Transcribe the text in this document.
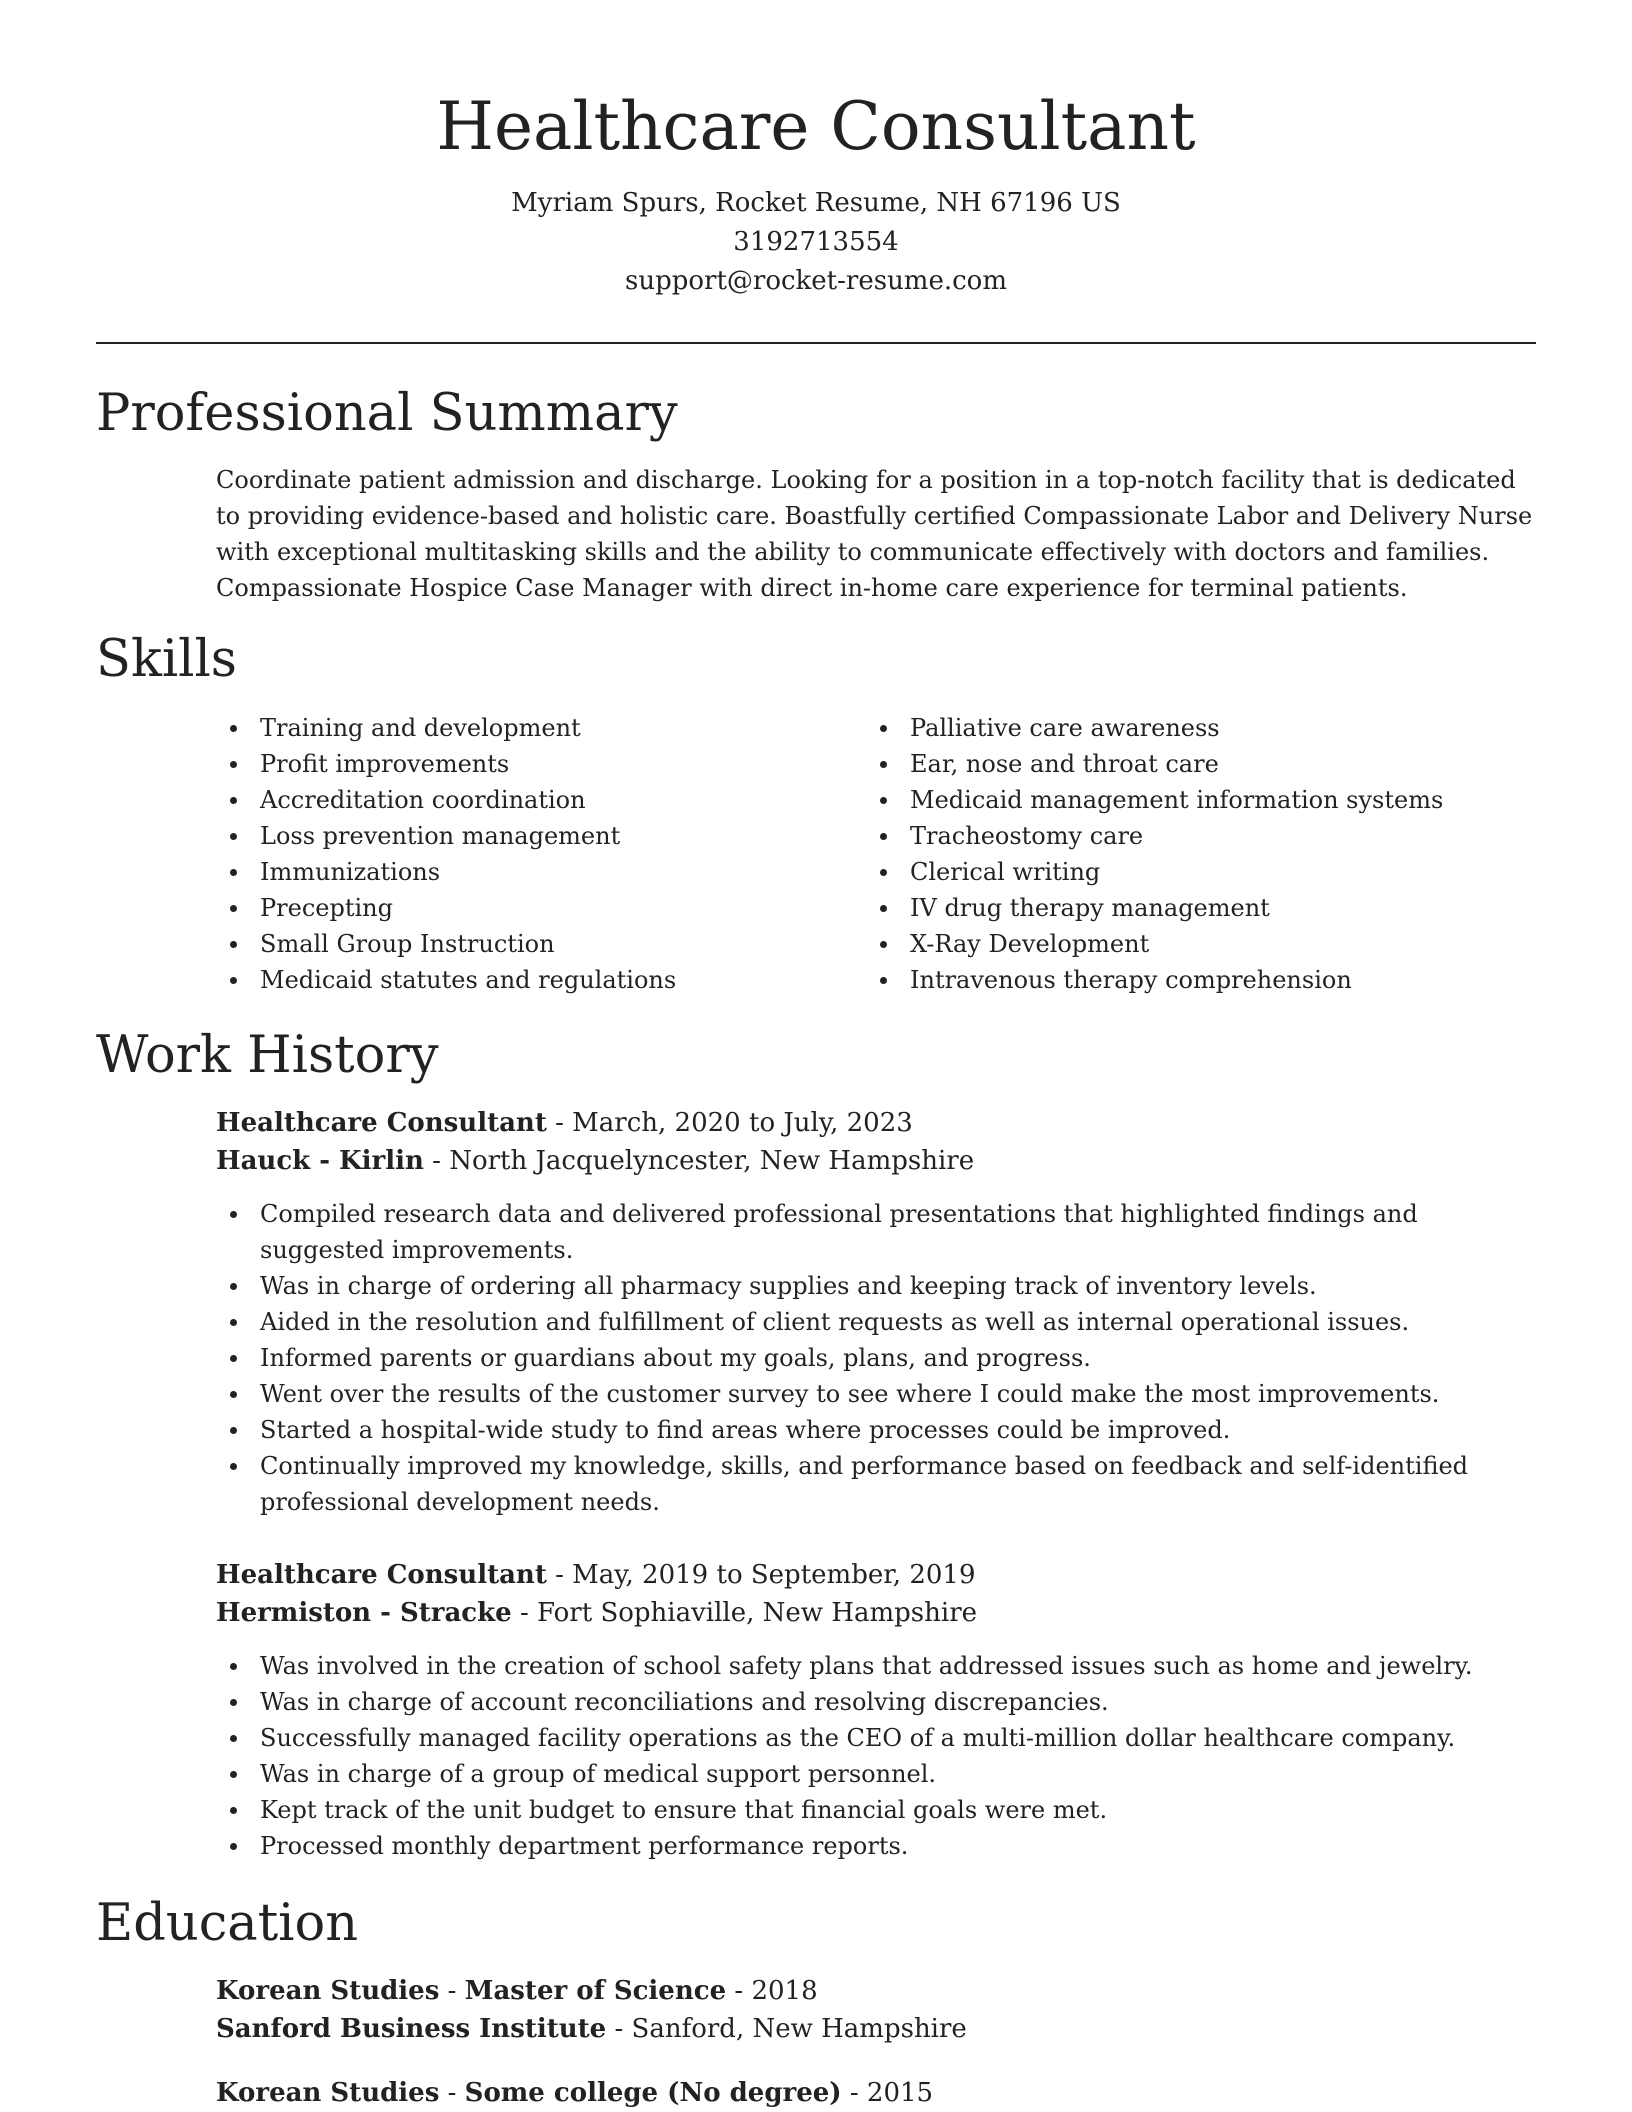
Healthcare Consultant
Myriam Spurs, Rocket Resume, NH 67196 US
3192713554
support@rocket-resume.com
Professional Summary

Coordinate patient admission and discharge. Looking for a position in a top-notch facility that is dedicated to providing evidence-based and holistic care. Boastfully certified Compassionate Labor and Delivery Nurse with exceptional multitasking skills and the ability to communicate effectively with doctors and families. Compassionate Hospice Case Manager with direct in-home care experience for terminal patients.

Skills
Training and development
Profit improvements
Accreditation coordination
Loss prevention management
Immunizations
Precepting
Small Group Instruction
Medicaid statutes and regulations
Palliative care awareness
Ear, nose and throat care
Medicaid management information systems
Tracheostomy care
Clerical writing
IV drug therapy management
X-Ray Development
Intravenous therapy comprehension
Work History
Healthcare Consultant - March, 2020 to July, 2023
Hauck - Kirlin - North Jacquelyncester, New Hampshire
Compiled research data and delivered professional presentations that highlighted findings and suggested improvements.
Was in charge of ordering all pharmacy supplies and keeping track of inventory levels.
Aided in the resolution and fulfillment of client requests as well as internal operational issues.
Informed parents or guardians about my goals, plans, and progress.
Went over the results of the customer survey to see where I could make the most improvements.
Started a hospital-wide study to find areas where processes could be improved.
Continually improved my knowledge, skills, and performance based on feedback and self-identified professional development needs.
Healthcare Consultant - May, 2019 to September, 2019
Hermiston - Stracke - Fort Sophiaville, New Hampshire
Was involved in the creation of school safety plans that addressed issues such as home and jewelry.
Was in charge of account reconciliations and resolving discrepancies.
Successfully managed facility operations as the CEO of a multi-million dollar healthcare company.
Was in charge of a group of medical support personnel.
Kept track of the unit budget to ensure that financial goals were met.
Processed monthly department performance reports.
Education
Korean Studies - Master of Science - 2018
Sanford Business Institute - Sanford, New Hampshire
Korean Studies - Some college (No degree) - 2015
